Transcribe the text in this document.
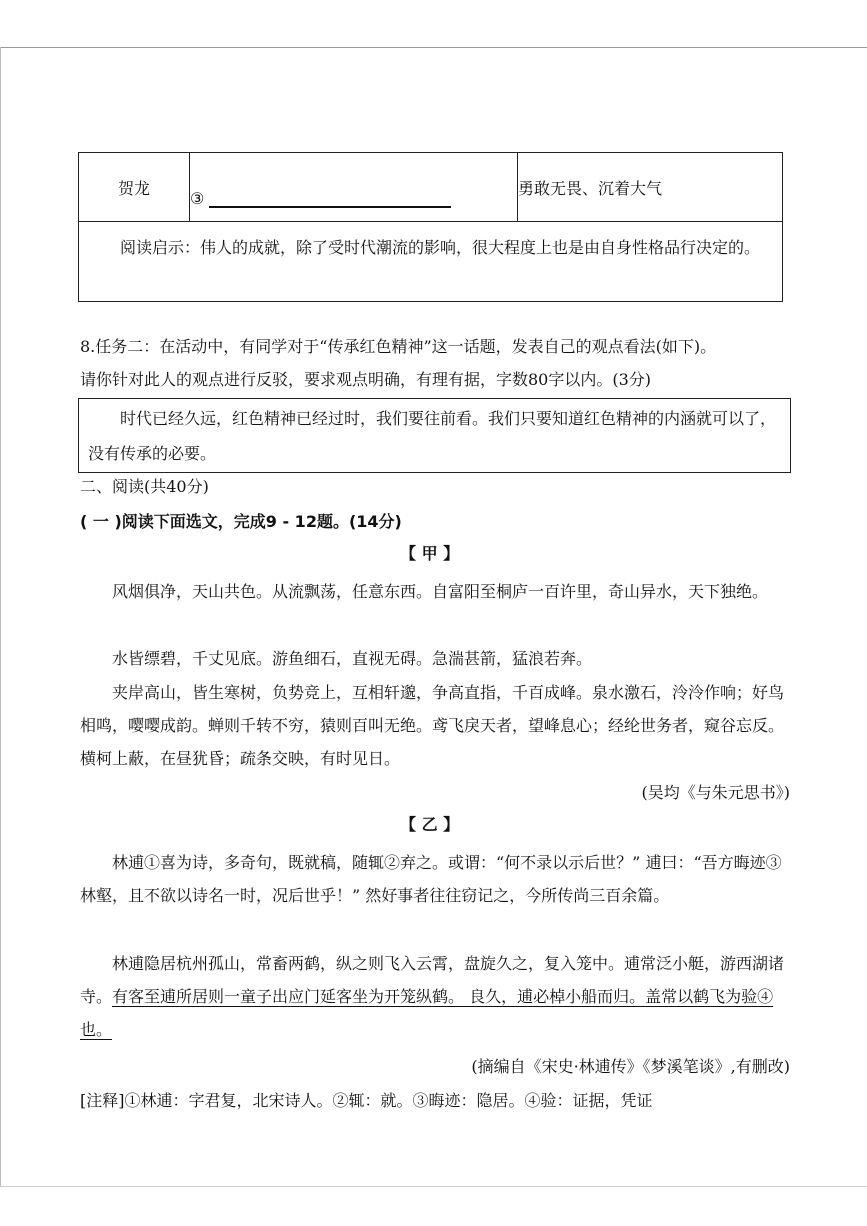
贺龙
③
勇敢无畏、沉着大气
阅读启示：伟人的成就，除了受时代潮流的影响，很大程度上也是由自身性格品行决定的。
8.任务二：在活动中，有同学对于“传承红色精神”这一话题，发表自己的观点看法(如下)。
请你针对此人的观点进行反驳，要求观点明确，有理有据，字数80字以内。(3分)
时代已经久远，红色精神已经过时，我们要往前看。我们只要知道红色精神的内涵就可以了，没有传承的必要。
二、阅读(共40分)
( 一 )阅读下面选文，完成9 - 12题。(14分)
【 甲 】
风烟俱净，天山共色。从流飘荡，任意东西。自富阳至桐庐一百许里，奇山异水，天下独绝。
水皆缥碧，千丈见底。游鱼细石，直视无碍。急湍甚箭，猛浪若奔。
夹岸高山，皆生寒树，负势竞上，互相轩邈，争高直指，千百成峰。泉水激石，泠泠作响；好鸟相鸣，嘤嘤成韵。蝉则千转不穷，猿则百叫无绝。鸢飞戾天者，望峰息心；经纶世务者，窥谷忘反。横柯上蔽，在昼犹昏；疏条交映，有时见日。
(吴均《与朱元思书》)
【 乙 】
林逋①喜为诗，多奇句，既就稿，随辄②弃之。或谓：“何不录以示后世？” 逋曰：“吾方晦迹③林壑，且不欲以诗名一时，况后世乎！” 然好事者往往窃记之，今所传尚三百余篇。
林逋隐居杭州孤山，常畜两鹤，纵之则飞入云霄，盘旋久之，复入笼中。逋常泛小艇，游西湖诸寺。有客至逋所居则一童子出应门延客坐为开笼纵鹤。 良久，逋必棹小船而归。盖常以鹤飞为验④也。
(摘编自《宋史·林逋传》《梦溪笔谈》,有删改)
[注释]①林逋：字君复，北宋诗人。②辄：就。③晦迹：隐居。④验：证据，凭证
